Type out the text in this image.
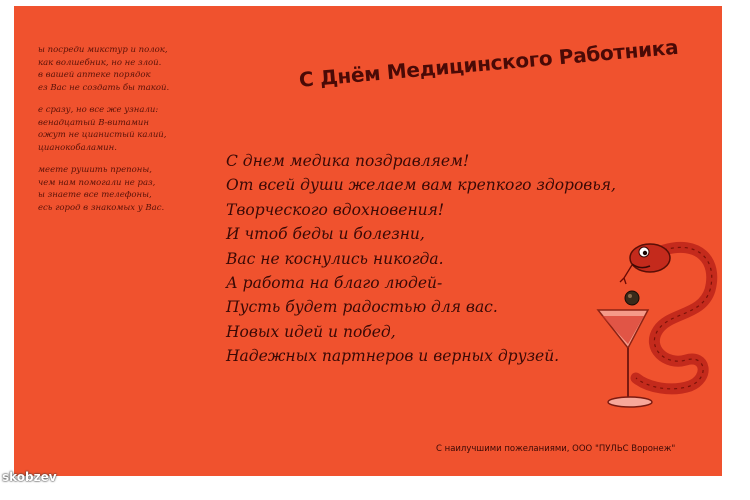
ы посреди микстур и полок,
как волшебник, но не злой.
в вашей аптеке порядок
ез Вас не создать бы такой.
е сразу, но все же узнали:
венадцатый В-витамин
ожут не цианистый калий,
цианокобаламин.
меете рушить препоны,
чем нам помогали не раз,
ы знаете все телефоны,
есь город в знакомых у Вас.
С Днём Медицинского Работника
С днем медика поздравляем!
От всей души желаем вам крепкого здоровья,
Творческого вдохновения!
И чтоб беды и болезни,
Вас не коснулись никогда.
А работа на благо людей-
Пусть будет радостью для вас.
Новых идей и побед,
Надежных партнеров и верных друзей.
С наилучшими пожеланиями, ООО "ПУЛЬС Воронеж"
skobzev
